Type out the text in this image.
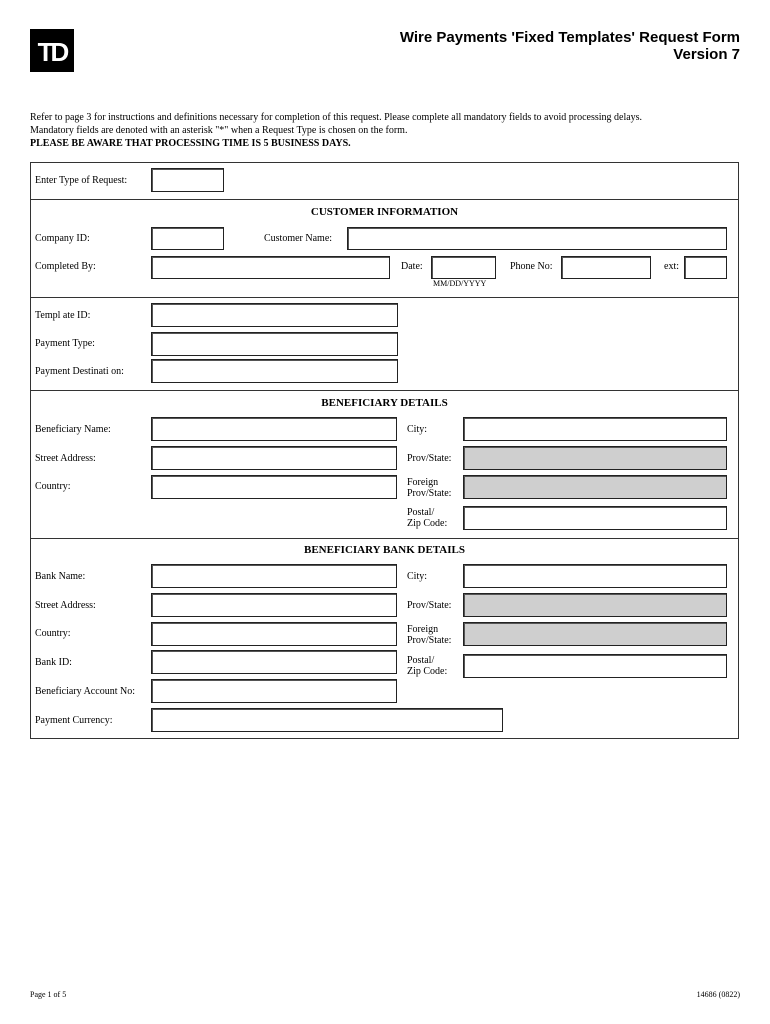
TD	Wire Payments 'Fixed Templates' Request Form
Version 7
Refer to page 3 for instructions and definitions necessary for completion of this request. Please complete all mandatory fields to avoid processing delays.
Mandatory fields are denoted with an asterisk "*" when a Request Type is chosen on the form.
PLEASE BE AWARE THAT PROCESSING TIME IS 5 BUSINESS DAYS.
Enter Type of Request:
CUSTOMER INFORMATION
Company ID:	Customer Name:
Completed By:	Date:
MM/DD/YYYY
Phone No:	ext:
Templ ate ID:
Payment Type:
Payment Destinati on:
BENEFICIARY DETAILS
Beneficiary Name:	City:
Street Address:	Prov/State:
Country:	Foreign
Prov/State:
Postal/
Zip Code:
BENEFICIARY BANK DETAILS
Bank Name:	City:
Street Address:	Prov/State:
Country:	Foreign
Prov/State:
Bank ID:	Postal/
Zip Code:
Beneficiary Account No:
Payment Currency:
Page 1 of 5	14686 (0822)
